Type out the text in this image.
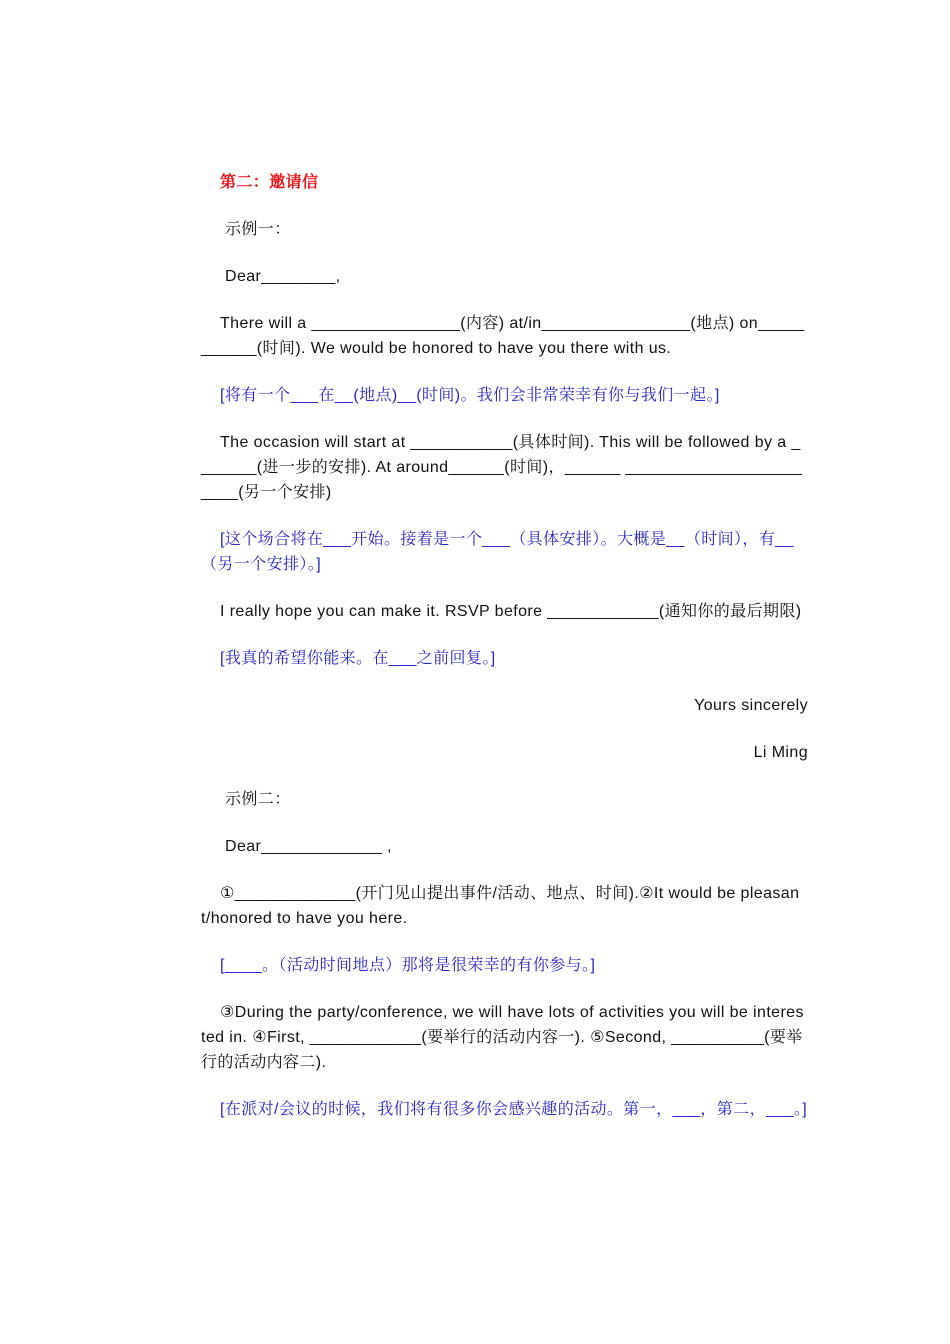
第二：邀请信

示例一：

Dear________,

There will a ________________(内容) at/in________________(地点) on___________(时间). We would be honored to have you there with us.

[将有一个___在__(地点)__(时间)。我们会非常荣幸有你与我们一起。]

The occasion will start at ___________(具体时间). This will be followed by a _______(进一步的安排). At around______(时间)，______ _______________________(另一个安排)

[这个场合将在___开始。接着是一个___（具体安排）。大概是__（时间），有__（另一个安排）。]

I really hope you can make it. RSVP before ____________(通知你的最后期限)

[我真的希望你能来。在___之前回复。]

Yours sincerely

Li Ming

示例二：

Dear_____________ ,

①_____________(开门见山提出事件/活动、地点、时间).②It would be pleasant/honored to have you here.

[____。（活动时间地点）那将是很荣幸的有你参与。]

③During the party/conference, we will have lots of activities you will be interested in. ④First, ____________(要举行的活动内容一). ⑤Second, __________(要举行的活动内容二).

[在派对/会议的时候，我们将有很多你会感兴趣的活动。第一，___，第二，___。]
